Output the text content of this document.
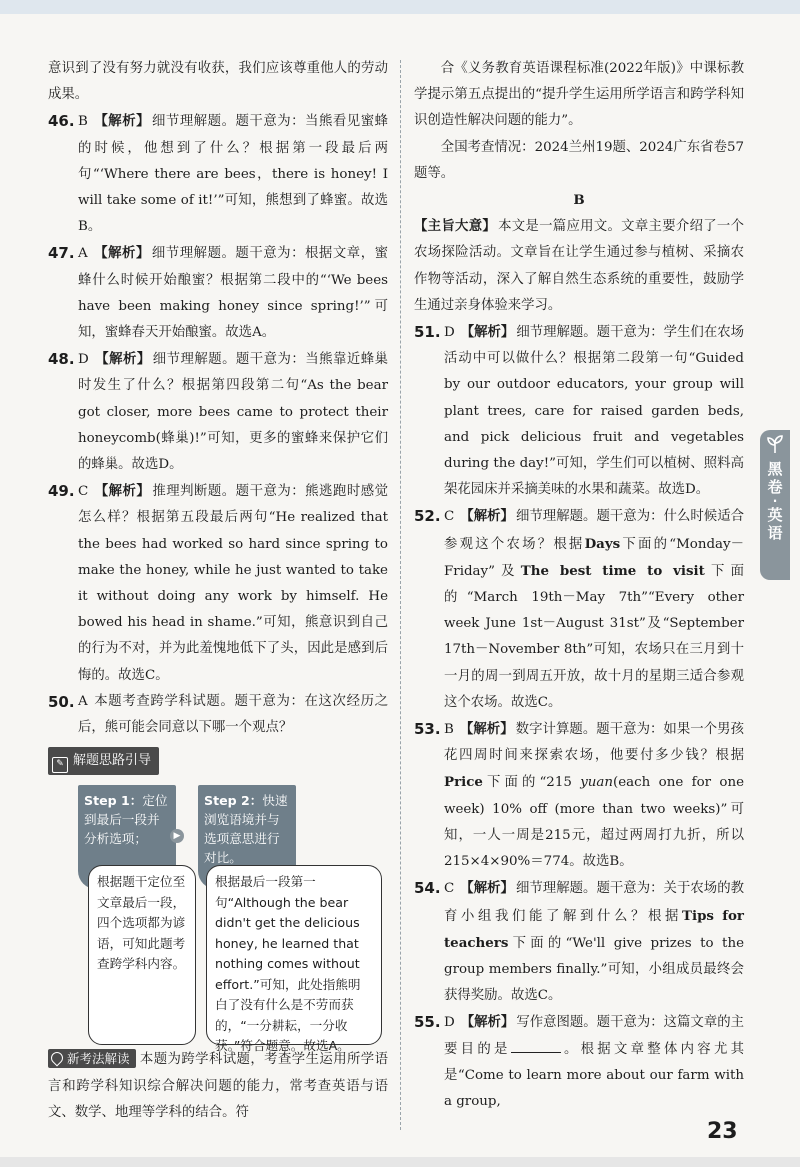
意识到了没有努力就没有收获，我们应该尊重他人的劳动成果。

46. B 【解析】 细节理解题。题干意为：当熊看见蜜蜂的时候，他想到了什么？根据第一段最后两句“‘Where there are bees，there is honey! I will take some of it!’”可知，熊想到了蜂蜜。故选B。
47. A 【解析】 细节理解题。题干意为：根据文章，蜜蜂什么时候开始酿蜜？根据第二段中的“‘We bees have been making honey since spring!’”可知，蜜蜂春天开始酿蜜。故选A。
48. D 【解析】 细节理解题。题干意为：当熊靠近蜂巢时发生了什么？根据第四段第二句“As the bear got closer, more bees came to protect their honeycomb(蜂巢)!”可知，更多的蜜蜂来保护它们的蜂巢。故选D。
49. C 【解析】 推理判断题。题干意为：熊逃跑时感觉怎么样？根据第五段最后两句“He realized that the bees had worked so hard since spring to make the honey, while he just wanted to take it without doing any work by himself. He bowed his head in shame.”可知，熊意识到自己的行为不对，并为此羞愧地低下了头，因此是感到后悔的。故选C。
50. A 本题考查跨学科试题。题干意为：在这次经历之后，熊可能会同意以下哪一个观点？
✎ 解题思路引导
Step 1：定位到最后一段并分析选项；	▶
Step 2：快速浏览语境并与选项意思进行对比。
根据题干定位至文章最后一段，四个选项都为谚语，可知此题考查跨学科内容。
根据最后一段第一句“Although the bear didn't get the delicious honey, he learned that nothing comes without effort.”可知，此处指熊明白了没有什么是不劳而获的，“一分耕耘，一分收获。”符合题意。故选A。

新考法解读 本题为跨学科试题，考查学生运用所学语言和跨学科知识综合解决问题的能力，常考查英语与语文、数学、地理等学科的结合。符

合《义务教育英语课程标准(2022年版)》中课标教学提示第五点提出的“提升学生运用所学语言和跨学科知识创造性解决问题的能力”。

全国考查情况：2024兰州19题、2024广东省卷57题等。

B

【主旨大意】 本文是一篇应用文。文章主要介绍了一个农场探险活动。文章旨在让学生通过参与植树、采摘农作物等活动，深入了解自然生态系统的重要性，鼓励学生通过亲身体验来学习。

51. D 【解析】 细节理解题。题干意为：学生们在农场活动中可以做什么？根据第二段第一句“Guided by our outdoor educators, your group will plant trees, care for raised garden beds, and pick delicious fruit and vegetables during the day!”可知，学生们可以植树、照料高架花园床并采摘美味的水果和蔬菜。故选D。
52. C 【解析】 细节理解题。题干意为：什么时候适合参观这个农场？根据Days下面的“Monday－Friday”及The best time to visit下面的“March 19th－May 7th”“Every other week June 1st－August 31st”及“September 17th－November 8th”可知，农场只在三月到十一月的周一到周五开放，故十月的星期三适合参观这个农场。故选C。
53. B 【解析】 数字计算题。题干意为：如果一个男孩花四周时间来探索农场，他要付多少钱？根据Price下面的“215 yuan(each one for one week) 10% off (more than two weeks)”可知，一人一周是215元，超过两周打九折，所以215×4×90%＝774。故选B。
54. C 【解析】 细节理解题。题干意为：关于农场的教育小组我们能了解到什么？根据Tips for teachers下面的“We'll give prizes to the group members finally.”可知，小组成员最终会获得奖励。故选C。
55. D 【解析】 写作意图题。题干意为：这篇文章的主要目的是	。根据文章整体内容尤其是“Come to learn more about our farm with a group,
黑
卷
·
英
语
23
